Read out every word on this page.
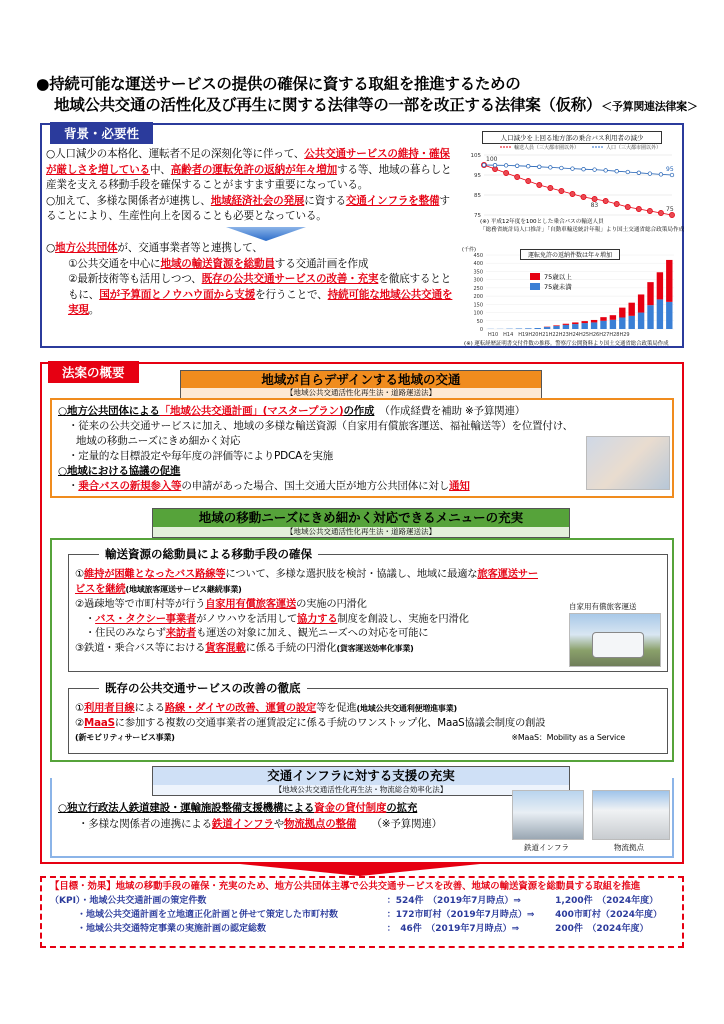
●持続可能な運送サービスの提供の確保に資する取組を推進するための
地域公共交通の活性化及び再生に関する法律等の一部を改正する法律案（仮称）＜予算関連法律案＞
背景・必要性

○人口減少の本格化、運転者不足の深刻化等に伴って、公共交通サービスの維持・確保が厳しさを増している中、高齢者の運転免許の返納が年々増加する等、地域の暮らしと産業を支える移動手段を確保することがますます重要になっている。

○加えて、多様な関係者が連携し、地域経済社会の発展に資する交通インフラを整備することにより、生産性向上を図ることも必要となっている。

○地方公共団体が、交通事業者等と連携して、

①公共交通を中心に地域の輸送資源を総動員する交通計画を作成

②最新技術等も活用しつつ、既存の公共交通サービスの改善・充実を徹底するとともに、国が予算面とノウハウ面から支援を行うことで、持続可能な地域公共交通を実現。

人口減少を上回る地方部の乗合バス利用者の減少
105
95
85
75
輸送人員（三大都市圏以外）	人口（三大都市圏以外）
100
95
83
75
(※) 平成12年度を100とした乗合バスの輸送人員
「総務省統計局人口推計」「自動車輸送統計年報」より国土交通省総合政策局作成
(千件)
450
400
350
300
250
200
150
100
50
0
75歳以上
75歳未満
H10　H14　H19H20H21H22H23H24H25H26H27H28H29
運転免許の返納件数は年々増加
(※) 運転経歴証明書交付件数の推移。警察庁公開資料より国土交通省総合政策局作成
法案の概要	地域が自らデザインする地域の交通
【地域公共交通活性化再生法・道路運送法】

○地方公共団体による「地域公共交通計画」(マスタープラン)の作成　 （作成経費を補助 ※予算関連）

・従来の公共交通サービスに加え、地域の多様な輸送資源（自家用有償旅客運送、福祉輸送等）を位置付け、

地域の移動ニーズにきめ細かく対応

・定量的な目標設定や毎年度の評価等によりPDCAを実施

○地域における協議の促進

・乗合バスの新規参入等の申請があった場合、国土交通大臣が地方公共団体に対し通知

地域の移動ニーズにきめ細かく対応できるメニューの充実
【地域公共交通活性化再生法・道路運送法】
輸送資源の総動員による移動手段の確保

①維持が困難となったバス路線等について、多様な選択肢を検討・協議し、地域に最適な旅客運送サービスを継続(地域旅客運送サービス継続事業)

②過疎地等で市町村等が行う自家用有償旅客運送の実施の円滑化

・バス・タクシー事業者がノウハウを活用して協力する制度を創設し、実施を円滑化

・住民のみならず来訪者も運送の対象に加え、観光ニーズへの対応を可能に

③鉄道・乗合バス等における貨客混載に係る手続の円滑化(貨客運送効率化事業)

自家用有償旅客運送
既存の公共交通サービスの改善の徹底

①利用者目線による路線・ダイヤの改善、運賃の設定等を促進(地域公共交通利便増進事業)

②MaaSに参加する複数の交通事業者の運賃設定に係る手続のワンストップ化、MaaS協議会制度の創設

(新モビリティサービス事業)	※MaaS：Mobility as a Service

交通インフラに対する支援の充実
【地域公共交通活性化再生法・物流総合効率化法】

○独立行政法人鉄道建設・運輸施設整備支援機構による資金の貸付制度の拡充

・多様な関係者の連携による鉄道インフラや物流拠点の整備　　 （※予算関連）

鉄道インフラ	物流拠点
【目標・効果】地域の移動手段の確保・充実のため、地方公共団体主導で公共交通サービスを改善、地域の輸送資源を総動員する取組を推進
（KPI）・地域公共交通計画の策定件数	：524件　（2019年7月時点）⇒	1,200件　（2024年度）
　　　・地域公共交通計画を立地適正化計画と併せて策定した市町村数	：172市町村（2019年7月時点）⇒	400市町村（2024年度）
　　　・地域公共交通特定事業の実施計画の認定総数	：　46件　（2019年7月時点）⇒	200件　（2024年度）
